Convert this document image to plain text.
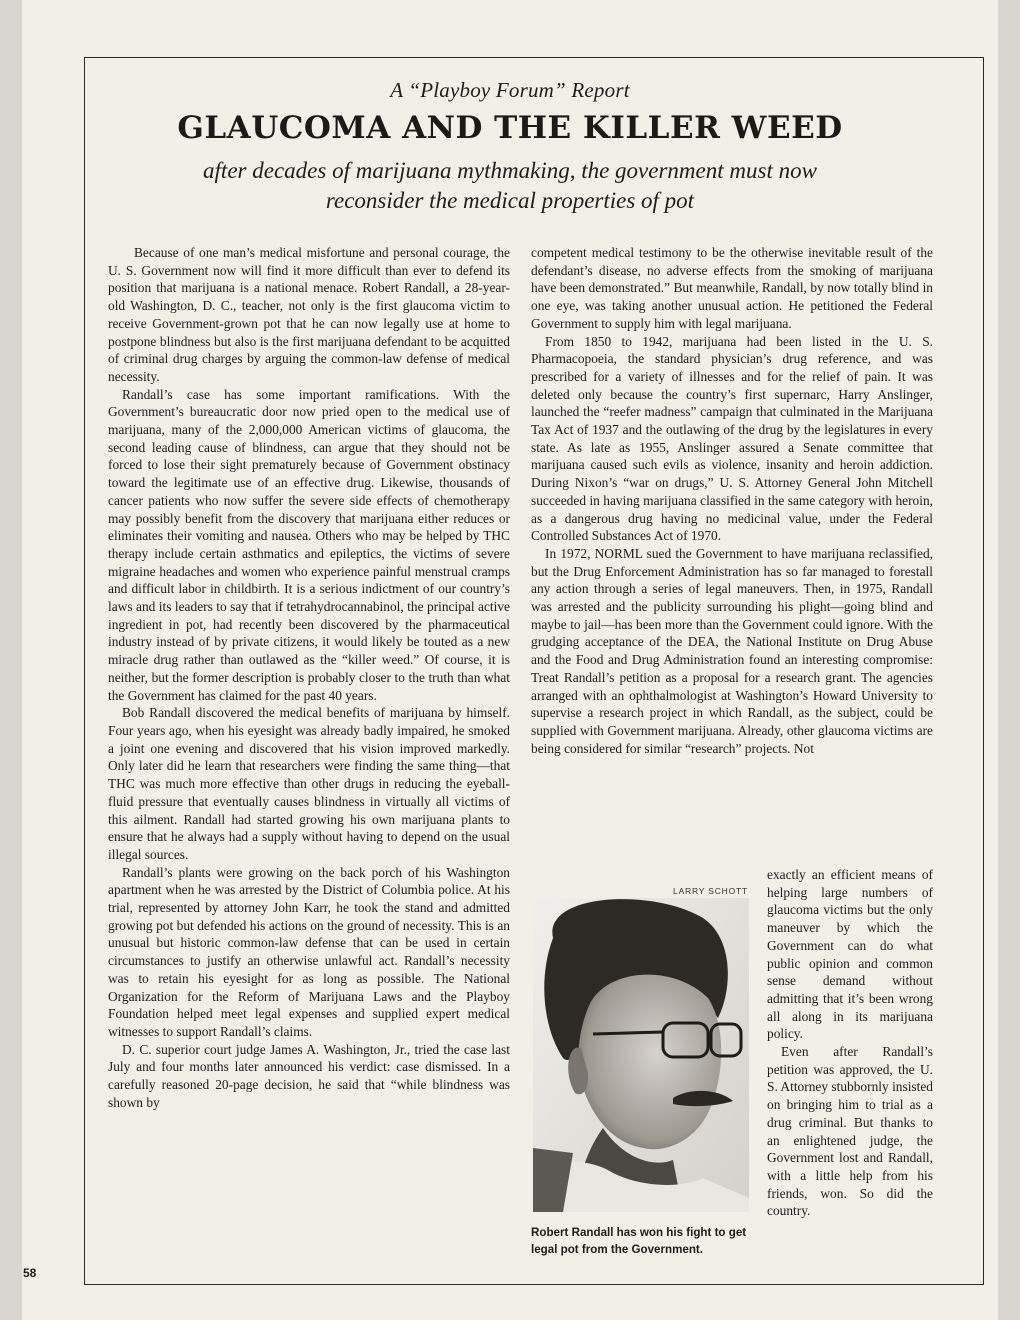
A “Playboy Forum” Report
GLAUCOMA AND THE KILLER WEED
after decades of marijuana mythmaking, the government must now reconsider the medical properties of pot

Because of one man’s medical misfortune and personal courage, the U. S. Government now will find it more difficult than ever to defend its position that marijuana is a national menace. Robert Randall, a 28-year-old Washington, D. C., teacher, not only is the first glaucoma victim to receive Government-grown pot that he can now legally use at home to postpone blindness but also is the first marijuana defendant to be acquitted of criminal drug charges by arguing the common-law defense of medical necessity.

Randall’s case has some important ramifications. With the Government’s bureaucratic door now pried open to the medical use of marijuana, many of the 2,000,000 American victims of glaucoma, the second leading cause of blindness, can argue that they should not be forced to lose their sight prematurely because of Government obstinacy toward the legitimate use of an effective drug. Likewise, thousands of cancer patients who now suffer the severe side effects of chemotherapy may possibly benefit from the discovery that marijuana either reduces or eliminates their vomiting and nausea. Others who may be helped by THC therapy include certain asthmatics and epileptics, the victims of severe migraine headaches and women who experience painful menstrual cramps and difficult labor in childbirth. It is a serious indictment of our country’s laws and its leaders to say that if tetrahydrocannabinol, the principal active ingredient in pot, had recently been discovered by the pharmaceutical industry instead of by private citizens, it would likely be touted as a new miracle drug rather than outlawed as the “killer weed.” Of course, it is neither, but the former description is probably closer to the truth than what the Government has claimed for the past 40 years.

Bob Randall discovered the medical benefits of marijuana by himself. Four years ago, when his eyesight was already badly impaired, he smoked a joint one evening and discovered that his vision improved markedly. Only later did he learn that researchers were finding the same thing—that THC was much more effective than other drugs in reducing the eyeball-fluid pressure that eventually causes blindness in virtually all victims of this ailment. Randall had started growing his own marijuana plants to ensure that he always had a supply without having to depend on the usual illegal sources.

Randall’s plants were growing on the back porch of his Washington apartment when he was arrested by the District of Columbia police. At his trial, represented by attorney John Karr, he took the stand and admitted growing pot but defended his actions on the ground of necessity. This is an unusual but historic common-law defense that can be used in certain circumstances to justify an otherwise unlawful act. Randall’s necessity was to retain his eyesight for as long as possible. The National Organization for the Reform of Marijuana Laws and the Playboy Foundation helped meet legal expenses and supplied expert medical witnesses to support Randall’s claims.

D. C. superior court judge James A. Washington, Jr., tried the case last July and four months later announced his verdict: case dismissed. In a carefully reasoned 20-page decision, he said that “while blindness was shown by

competent medical testimony to be the otherwise inevitable result of the defendant’s disease, no adverse effects from the smoking of marijuana have been demonstrated.” But meanwhile, Randall, by now totally blind in one eye, was taking another unusual action. He petitioned the Federal Government to supply him with legal marijuana.

From 1850 to 1942, marijuana had been listed in the U. S. Pharmacopoeia, the standard physician’s drug reference, and was prescribed for a variety of illnesses and for the relief of pain. It was deleted only because the country’s first supernarc, Harry Anslinger, launched the “reefer madness” campaign that culminated in the Marijuana Tax Act of 1937 and the outlawing of the drug by the legislatures in every state. As late as 1955, Anslinger assured a Senate committee that marijuana caused such evils as violence, insanity and heroin addiction. During Nixon’s “war on drugs,” U. S. Attorney General John Mitchell succeeded in having marijuana classified in the same category with heroin, as a dangerous drug having no medicinal value, under the Federal Controlled Substances Act of 1970.

In 1972, NORML sued the Government to have marijuana reclassified, but the Drug Enforcement Administration has so far managed to forestall any action through a series of legal maneuvers. Then, in 1975, Randall was arrested and the publicity surrounding his plight—going blind and maybe to jail—has been more than the Government could ignore. With the grudging acceptance of the DEA, the National Institute on Drug Abuse and the Food and Drug Administration found an interesting compromise: Treat Randall’s petition as a proposal for a research grant. The agencies arranged with an ophthalmologist at Washington’s Howard University to supervise a research project in which Randall, as the subject, could be supplied with Government marijuana. Already, other glaucoma victims are being considered for similar “research” projects. Not

LARRY SCHOTT
Robert Randall has won his fight to get legal pot from the Government.

exactly an efficient means of helping large numbers of glaucoma victims but the only maneuver by which the Government can do what public opinion and common sense demand without admitting that it’s been wrong all along in its marijuana policy.

Even after Randall’s petition was approved, the U. S. Attorney stubbornly insisted on bringing him to trial as a drug criminal. But thanks to an enlightened judge, the Government lost and Randall, with a little help from his friends, won. So did the country.

58
